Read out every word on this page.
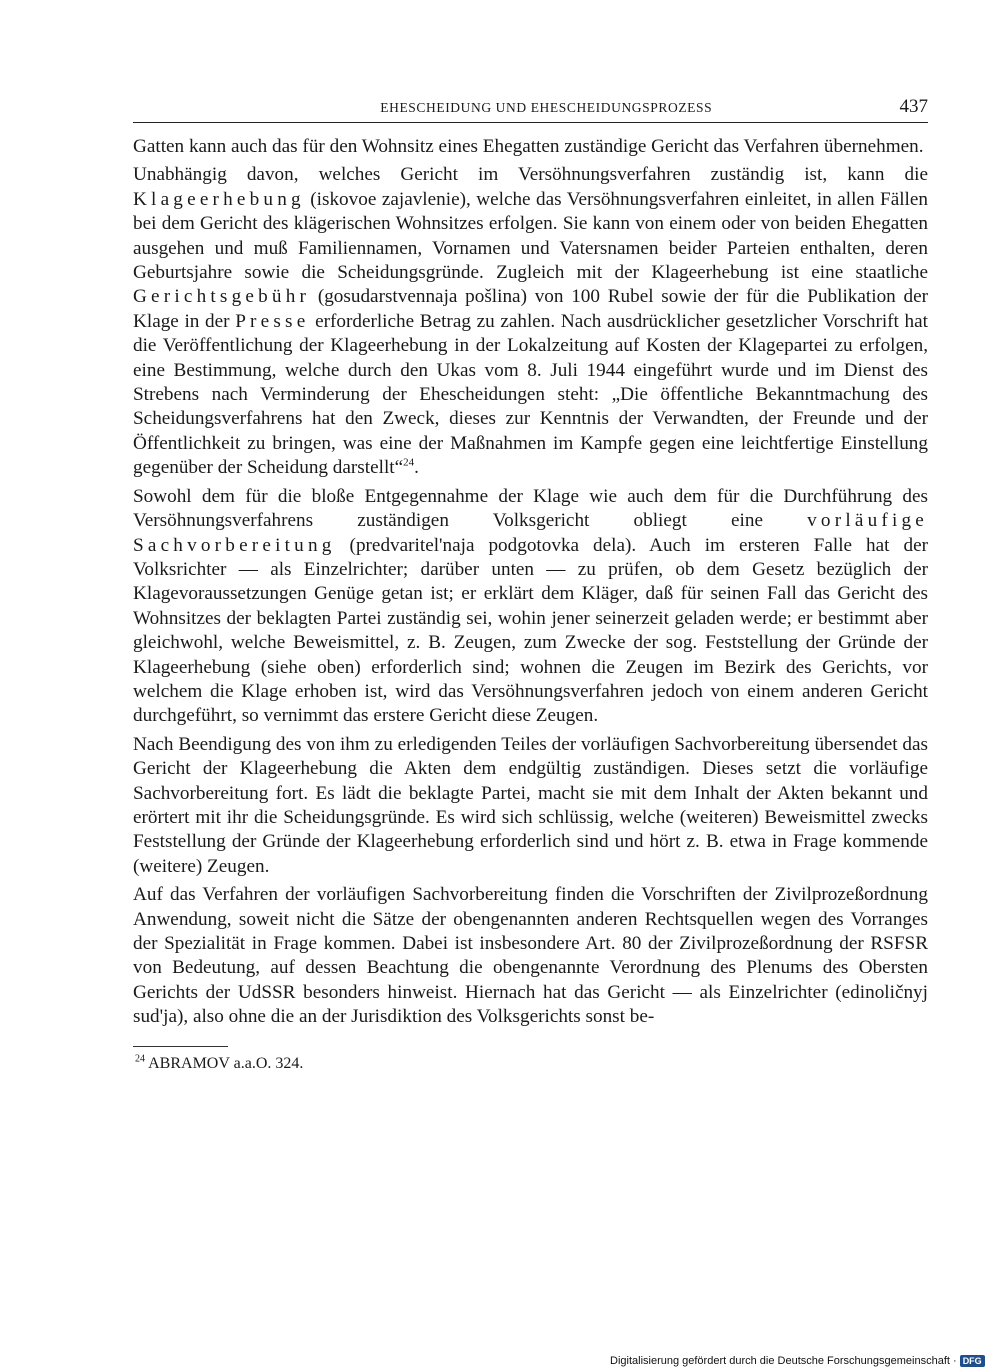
EHESCHEIDUNG UND EHESCHEIDUNGSPROZESS	437

Gatten kann auch das für den Wohnsitz eines Ehegatten zuständige Gericht das Verfahren übernehmen.

Unabhängig davon, welches Gericht im Versöhnungsverfahren zuständig ist, kann die Klageerhebung (iskovoe zajavlenie), welche das Versöhnungsverfahren einleitet, in allen Fällen bei dem Gericht des klägerischen Wohnsitzes erfolgen. Sie kann von einem oder von beiden Ehegatten ausgehen und muß Familiennamen, Vornamen und Vatersnamen beider Parteien enthalten, deren Geburtsjahre sowie die Scheidungsgründe. Zugleich mit der Klageerhebung ist eine staatliche Gerichtsgebühr (gosudarstvennaja pošlina) von 100 Rubel sowie der für die Publikation der Klage in der Presse erforderliche Betrag zu zahlen. Nach ausdrücklicher gesetzlicher Vorschrift hat die Veröffentlichung der Klageerhebung in der Lokalzeitung auf Kosten der Klagepartei zu erfolgen, eine Bestimmung, welche durch den Ukas vom 8. Juli 1944 eingeführt wurde und im Dienst des Strebens nach Verminderung der Ehescheidungen steht: „Die öffentliche Bekanntmachung des Scheidungsverfahrens hat den Zweck, dieses zur Kenntnis der Verwandten, der Freunde und der Öffentlichkeit zu bringen, was eine der Maßnahmen im Kampfe gegen eine leichtfertige Einstellung gegenüber der Scheidung darstellt“$^{24}$.

Sowohl dem für die bloße Entgegennahme der Klage wie auch dem für die Durchführung des Versöhnungsverfahrens zuständigen Volksgericht obliegt eine vorläufige Sachvorbereitung (predvaritel'naja podgotovka dela). Auch im ersteren Falle hat der Volksrichter — als Einzelrichter; darüber unten — zu prüfen, ob dem Gesetz bezüglich der Klagevoraussetzungen Genüge getan ist; er erklärt dem Kläger, daß für seinen Fall das Gericht des Wohnsitzes der beklagten Partei zuständig sei, wohin jener seinerzeit geladen werde; er bestimmt aber gleichwohl, welche Beweismittel, z. B. Zeugen, zum Zwecke der sog. Feststellung der Gründe der Klageerhebung (siehe oben) erforderlich sind; wohnen die Zeugen im Bezirk des Gerichts, vor welchem die Klage erhoben ist, wird das Versöhnungsverfahren jedoch von einem anderen Gericht durchgeführt, so vernimmt das erstere Gericht diese Zeugen.

Nach Beendigung des von ihm zu erledigenden Teiles der vorläufigen Sachvorbereitung übersendet das Gericht der Klageerhebung die Akten dem endgültig zuständigen. Dieses setzt die vorläufige Sachvorbereitung fort. Es lädt die beklagte Partei, macht sie mit dem Inhalt der Akten bekannt und erörtert mit ihr die Scheidungsgründe. Es wird sich schlüssig, welche (weiteren) Beweismittel zwecks Feststellung der Gründe der Klageerhebung erforderlich sind und hört z. B. etwa in Frage kommende (weitere) Zeugen.

Auf das Verfahren der vorläufigen Sachvorbereitung finden die Vorschriften der Zivilprozeßordnung Anwendung, soweit nicht die Sätze der obengenannten anderen Rechtsquellen wegen des Vorranges der Spezialität in Frage kommen. Dabei ist insbesondere Art. 80 der Zivilprozeßordnung der RSFSR von Bedeutung, auf dessen Beachtung die obengenannte Verordnung des Plenums des Obersten Gerichts der UdSSR besonders hinweist. Hiernach hat das Gericht — als Einzelrichter (edinoličnyj sud'ja), also ohne die an der Jurisdiktion des Volksgerichts sonst be-

$^{24}$ ABRAMOV a.a.O. 324.
Digitalisierung gefördert durch die Deutsche Forschungsgemeinschaft · DFG
